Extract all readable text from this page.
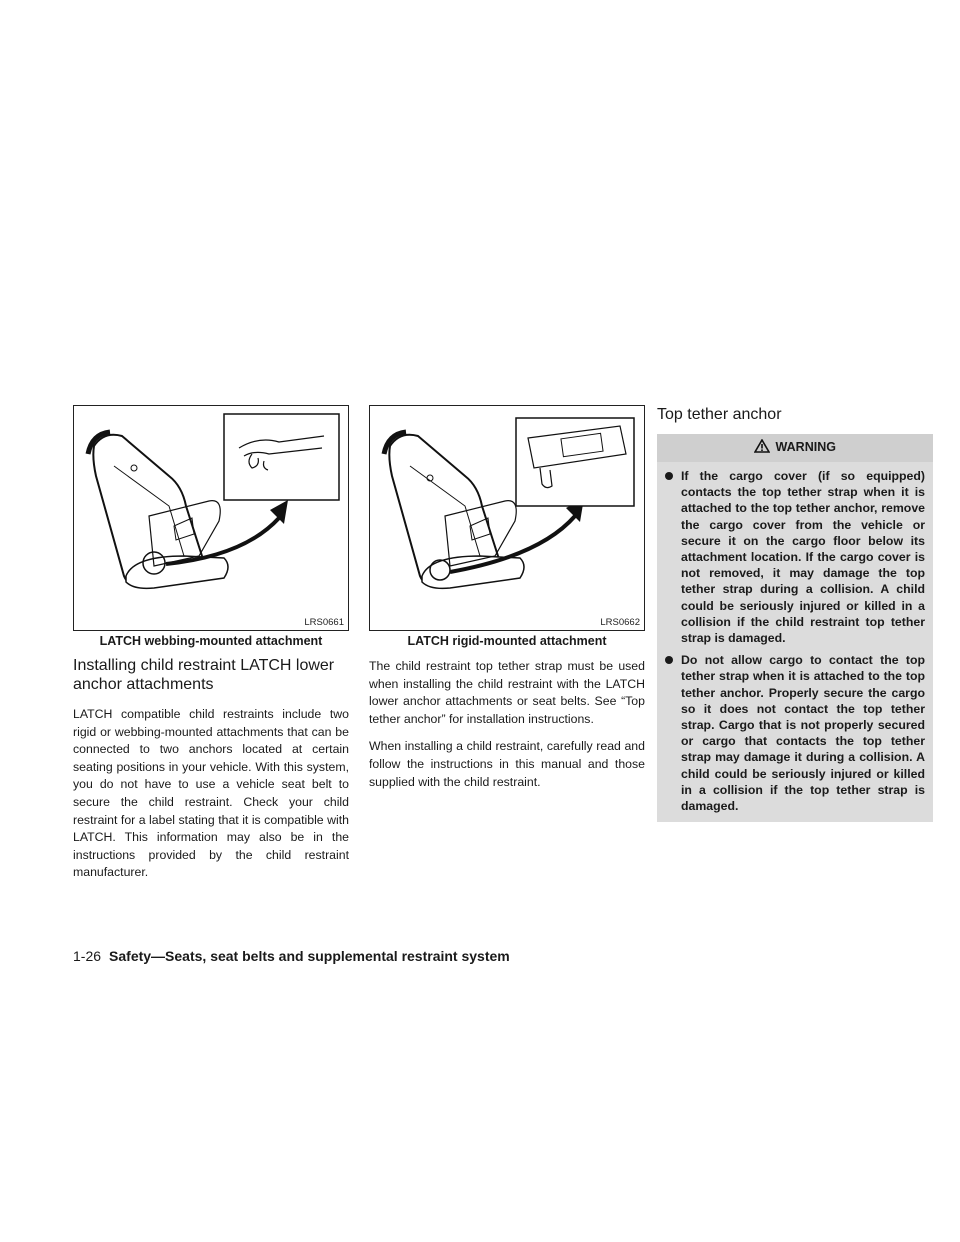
LRS0661
LATCH webbing-mounted attachment
Installing child restraint LATCH lower anchor attachments

LATCH compatible child restraints include two rigid or webbing-mounted attachments that can be connected to two anchors located at certain seating positions in your vehicle. With this system, you do not have to use a vehicle seat belt to secure the child restraint. Check your child restraint for a label stating that it is compatible with LATCH. This information may also be in the instructions provided by the child restraint manufacturer.

LRS0662
LATCH rigid-mounted attachment

The child restraint top tether strap must be used when installing the child restraint with the LATCH lower anchor attachments or seat belts. See “Top tether anchor” for installation instructions.

When installing a child restraint, carefully read and follow the instructions in this manual and those supplied with the child restraint.

Top tether anchor
WARNING
If the cargo cover (if so equipped) contacts the top tether strap when it is attached to the top tether anchor, remove the cargo cover from the vehicle or secure it on the cargo floor below its attachment location. If the cargo cover is not removed, it may damage the top tether strap during a collision. A child could be seriously injured or killed in a collision if the child restraint top tether strap is damaged.
Do not allow cargo to contact the top tether strap when it is attached to the top tether anchor. Properly secure the cargo so it does not contact the top tether strap. Cargo that is not properly secured or cargo that contacts the top tether strap may damage it during a collision. A child could be seriously injured or killed in a collision if the top tether strap is damaged.
1-26 Safety—Seats, seat belts and supplemental restraint system
